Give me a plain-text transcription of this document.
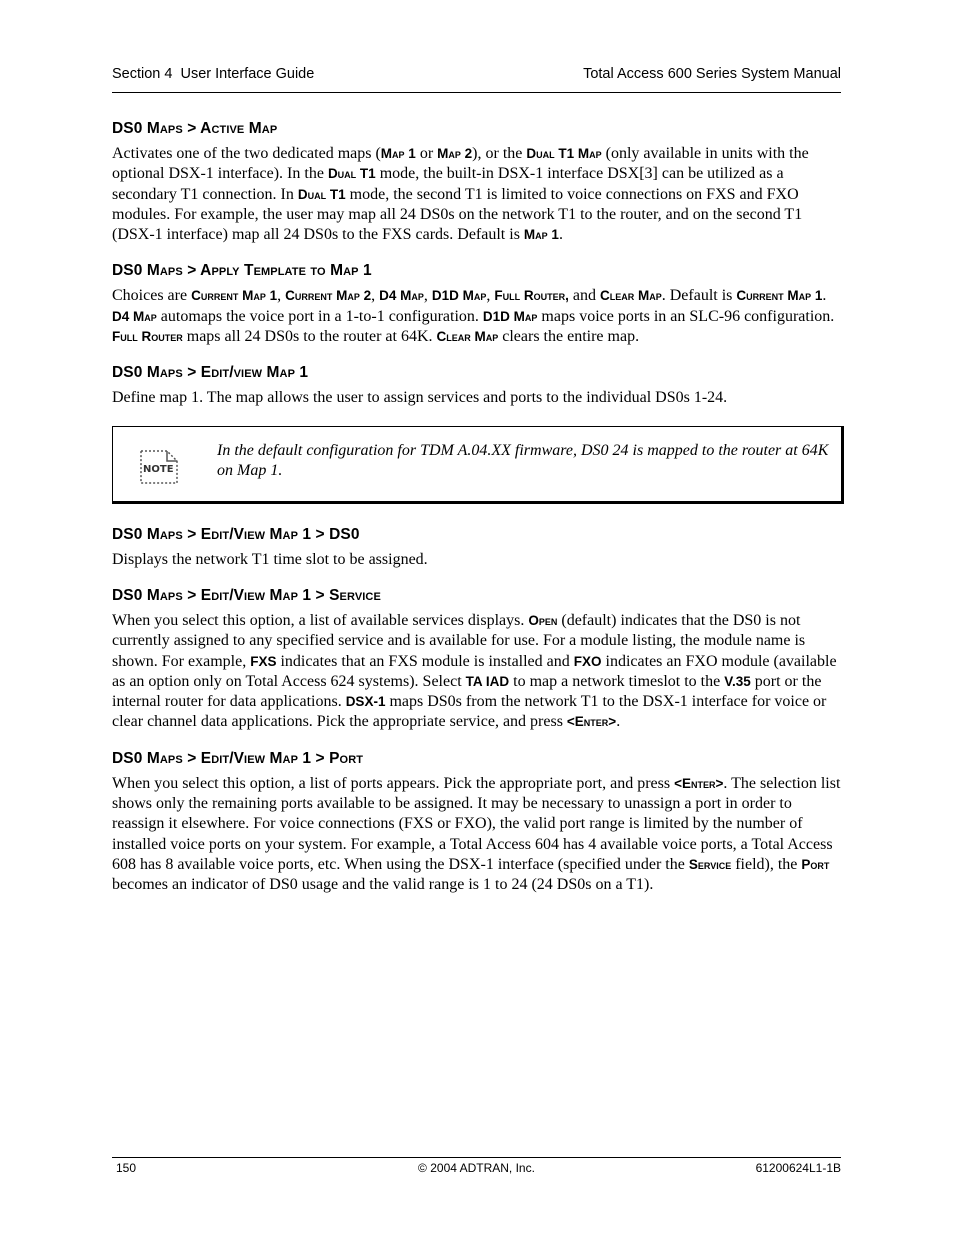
Section 4  User Interface Guide	Total Access 600 Series System Manual
DS0 Maps > Active Map

Activates one of the two dedicated maps (Map 1 or Map 2), or the Dual T1 Map (only available in units with the optional DSX-1 interface). In the Dual T1 mode, the built-in DSX-1 interface DSX[3] can be utilized as a secondary T1 connection. In Dual T1 mode, the second T1 is limited to voice connections on FXS and FXO modules. For example, the user may map all 24 DS0s on the network T1 to the router, and on the second T1 (DSX-1 interface) map all 24 DS0s to the FXS cards. Default is Map 1.

DS0 Maps > Apply Template to Map 1

Choices are Current Map 1, Current Map 2, D4 Map, D1D Map, Full Router, and Clear Map. Default is Current Map 1. D4 Map automaps the voice port in a 1-to-1 configuration. D1D Map maps voice ports in an SLC-96 configuration. Full Router maps all 24 DS0s to the router at 64K. Clear Map clears the entire map.

DS0 Maps > Edit/view Map 1

Define map 1. The map allows the user to assign services and ports to the individual DS0s 1-24.

NOTE
In the default configuration for TDM A.04.XX firmware, DS0 24 is mapped to the router at 64K on Map 1.
DS0 Maps > Edit/View Map 1 > DS0

Displays the network T1 time slot to be assigned.

DS0 Maps > Edit/View Map 1 > Service

When you select this option, a list of available services displays. Open (default) indicates that the DS0 is not currently assigned to any specified service and is available for use. For a module listing, the module name is shown. For example, FXS indicates that an FXS module is installed and FXO indicates an FXO module (available as an option only on Total Access 624 systems). Select TA IAD to map a network timeslot to the V.35 port or the internal router for data applications. DSX-1 maps DS0s from the network T1 to the DSX-1 interface for voice or clear channel data applications. Pick the appropriate service, and press <Enter>.

DS0 Maps > Edit/View Map 1 > Port

When you select this option, a list of ports appears. Pick the appropriate port, and press <Enter>. The selection list shows only the remaining ports available to be assigned. It may be necessary to unassign a port in order to reassign it elsewhere. For voice connections (FXS or FXO), the valid port range is limited by the number of installed voice ports on your system. For example, a Total Access 604 has 4 available voice ports, a Total Access 608 has 8 available voice ports, etc. When using the DSX-1 interface (specified under the Service field), the Port becomes an indicator of DS0 usage and the valid range is 1 to 24 (24 DS0s on a T1).

150	© 2004 ADTRAN, Inc.	61200624L1-1B
